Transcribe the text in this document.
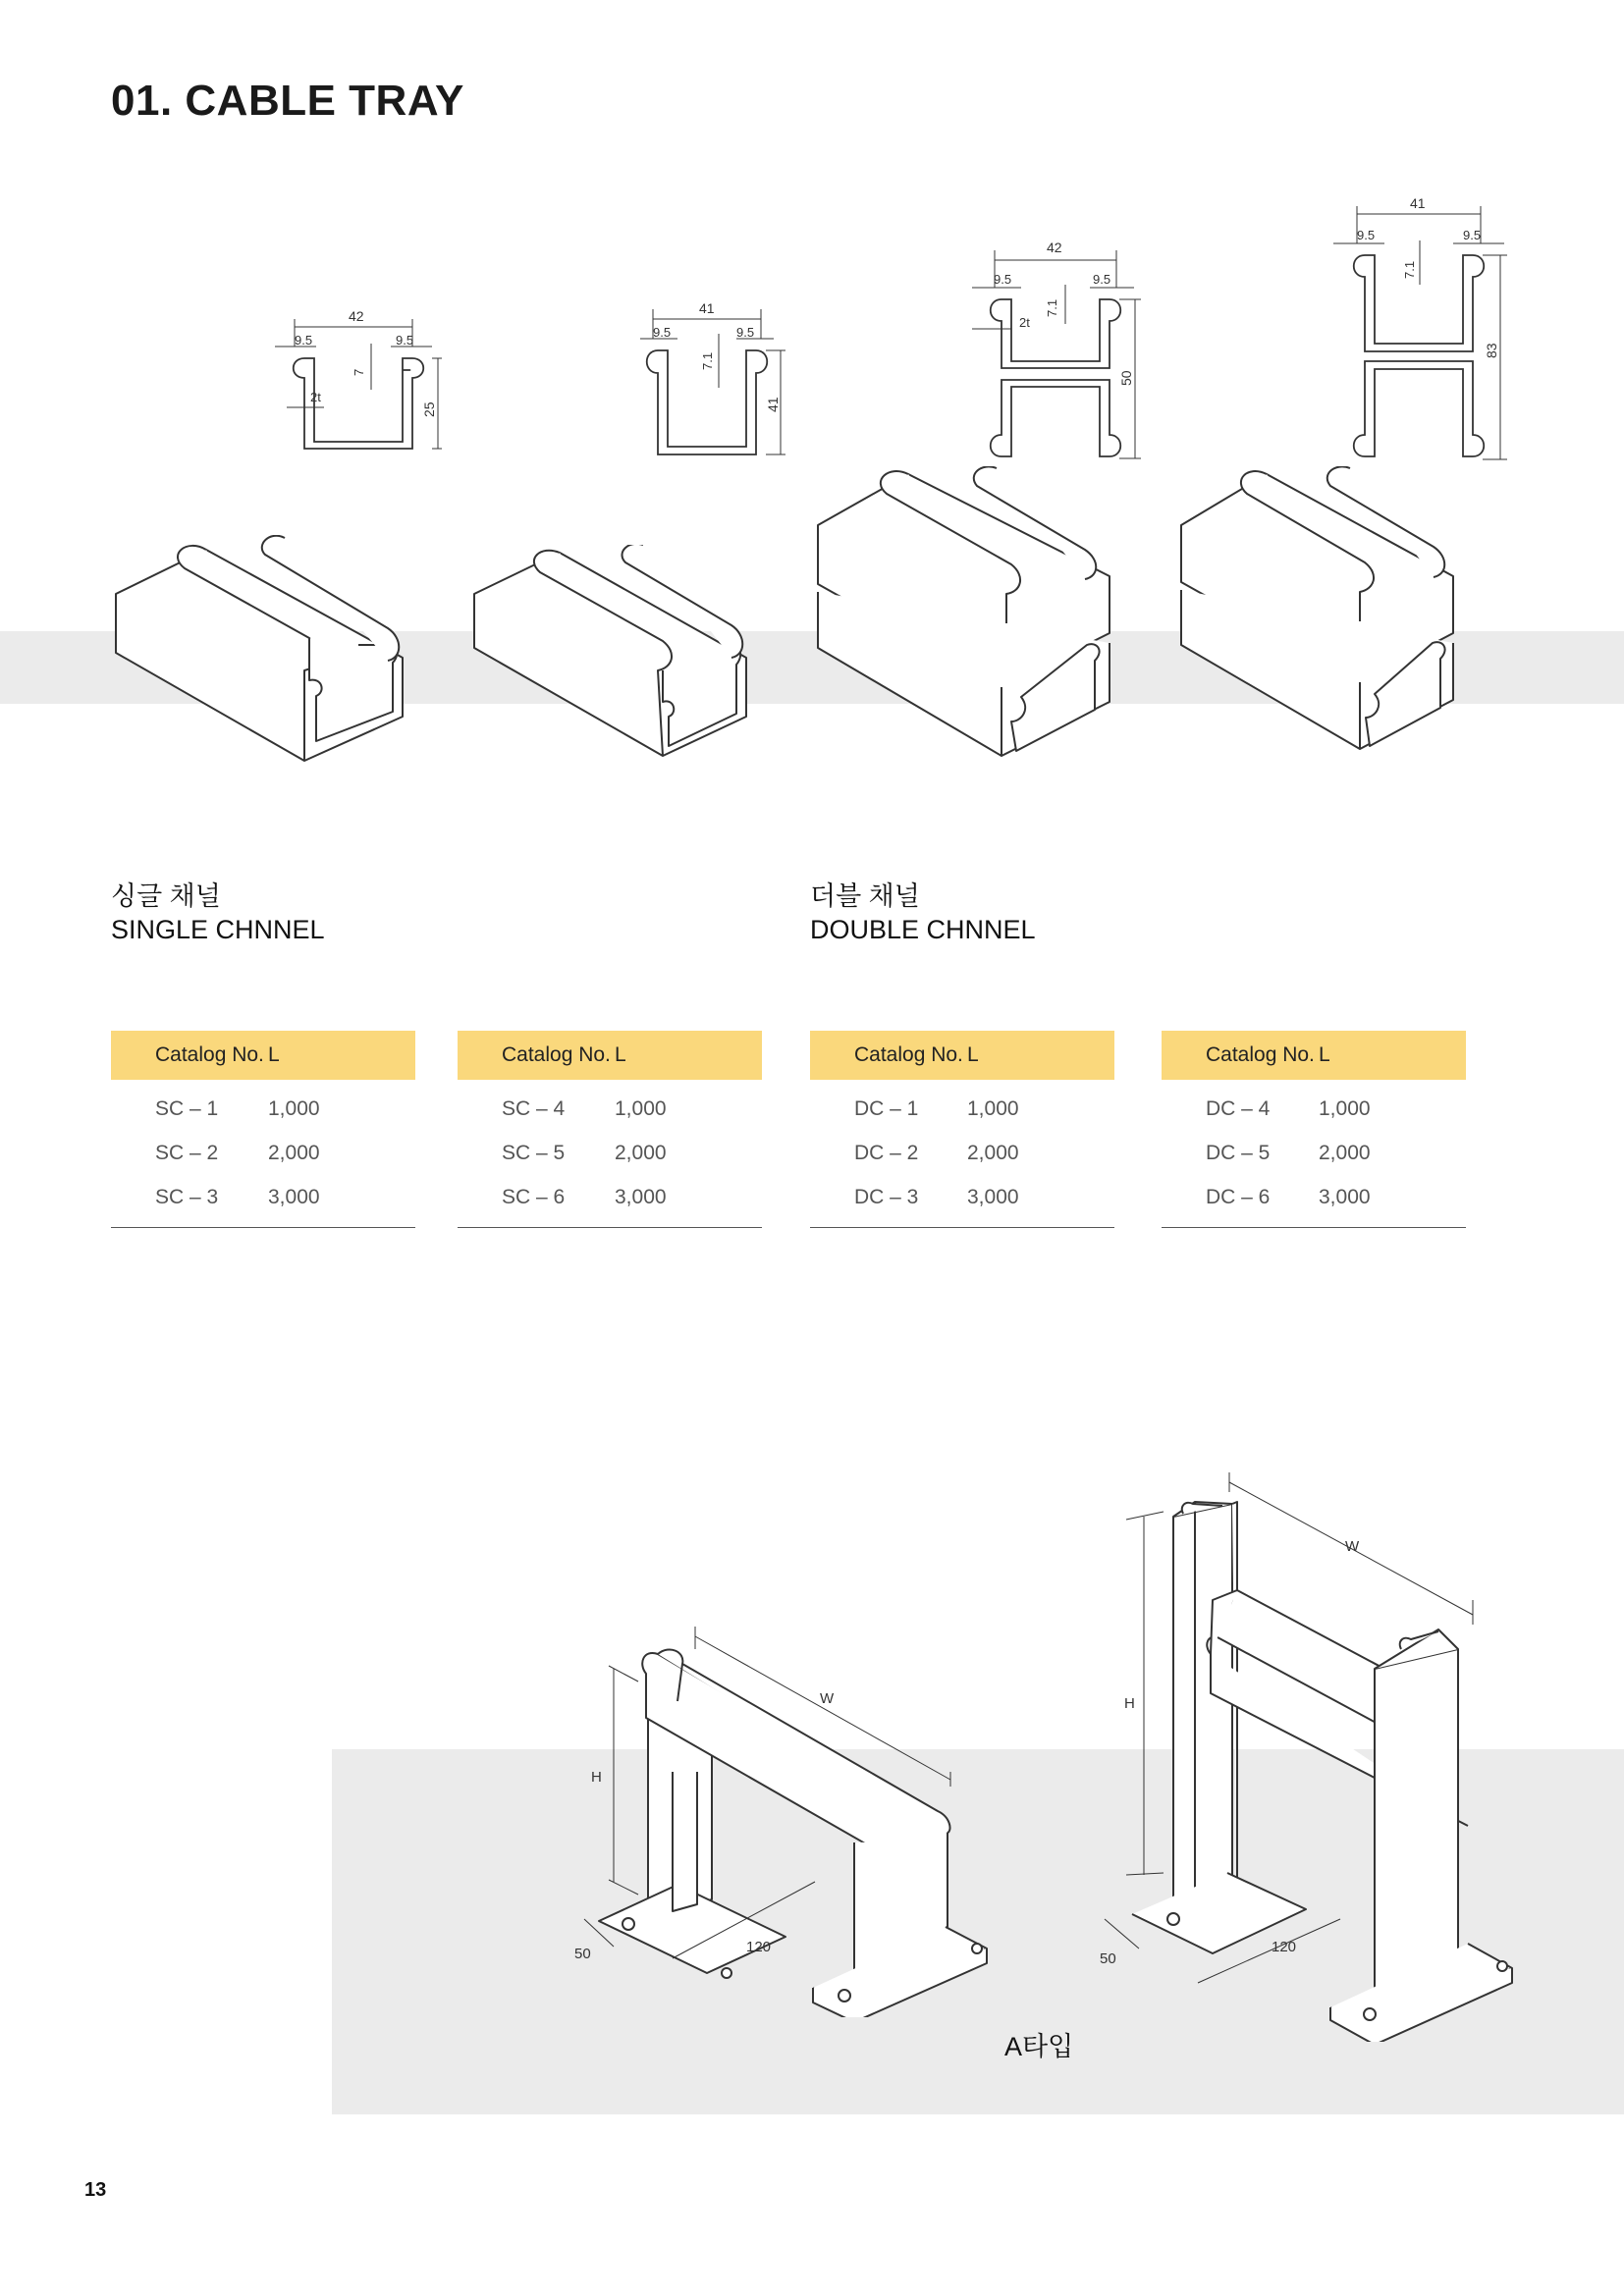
01. CABLE TRAY
42
9.5	9.5
7
2t
25
41
9.5	9.5
7.1
41
42
9.5	9.5
7.1
2t
50
41
9.5	9.5
7.1
83
싱글 채널
SINGLE CHNNEL
더블 채널
DOUBLE CHNNEL
Catalog No. L
SC – 1	1,000
SC – 2	2,000
SC – 3	3,000
Catalog No. L
SC – 4	1,000
SC – 5	2,000
SC – 6	3,000
Catalog No. L
DC – 1	1,000
DC – 2	2,000
DC – 3	3,000
Catalog No. L
DC – 4	1,000
DC – 5	2,000
DC – 6	3,000
H
W
50	120
A타입
H
W
50
120
13
